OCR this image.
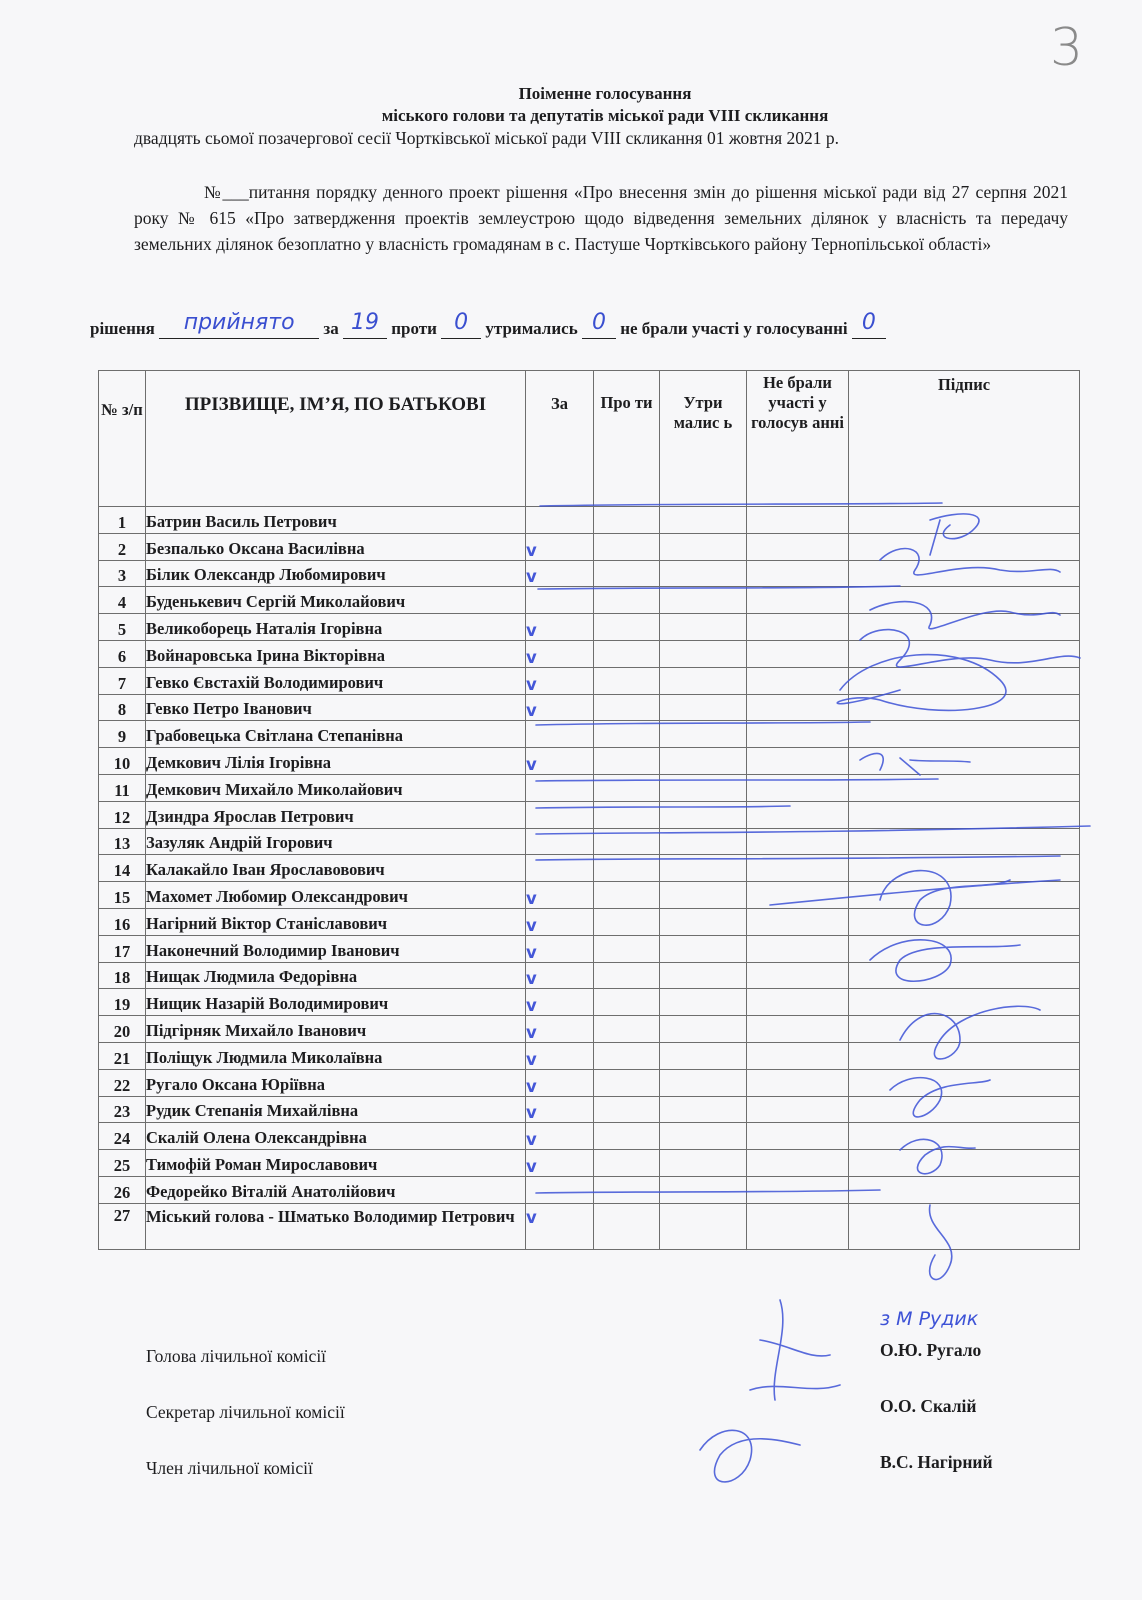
3
Поіменне голосування
міського голови та депутатів міської ради VIII скликання
двадцять сьомої позачергової сесії Чортківської міської ради VIII скликання 01 жовтня 2021 р.
№___питання порядку денного проект рішення «Про внесення змін до рішення міської ради від 27 серпня 2021 року № 615 «Про затвердження проектів землеустрою щодо відведення земельних ділянок у власність та передачу земельних ділянок безоплатно у власність громадянам в с. Пастуше Чортківського району Тернопільської області»
рішення прийнято за 19 проти 0 утримались 0 не брали участі у голосуванні 0
№ з/п	ПРІЗВИЩЕ, ІМ’Я, ПО БАТЬКОВІ	За	Про ти	Утри малис ь	Не брали участі у голосув анні	Підпис

1	Батрин Василь Петрович					
2	Безпалько Оксана Василівна	v				
3	Білик Олександр Любомирович	v				
4	Буденькевич Сергій Миколайович					
5	Великоборець Наталія Ігорівна	v				
6	Войнаровська Ірина Вікторівна	v				
7	Гевко Євстахій Володимирович	v				
8	Гевко Петро Іванович	v				
9	Грабовецька Світлана Степанівна					
10	Демкович Лілія Ігорівна	v				
11	Демкович Михайло Миколайович					
12	Дзиндра Ярослав Петрович					
13	Зазуляк Андрій Ігорович					
14	Калакайло Іван Ярославовович					
15	Махомет Любомир Олександрович	v				
16	Нагірний Віктор Станіславович	v				
17	Наконечний Володимир Іванович	v				
18	Нищак Людмила Федорівна	v				
19	Нищик Назарій Володимирович	v				
20	Підгірняк Михайло Іванович	v				
21	Поліщук Людмила Миколаївна	v				
22	Ругало Оксана Юріївна	v				
23	Рудик Степанія Михайлівна	v				
24	Скалій Олена Олександрівна	v				
25	Тимофій Роман Мирославович	v				
26	Федорейко Віталій Анатолійович					
27	Міський голова - Шматько Володимир Петрович	v				
Голова лічильної комісії	О.Ю. Ругало
Секретар лічильної комісії	О.О. Скалій
Член лічильної комісії	В.С. Нагірний
з М Рудик
